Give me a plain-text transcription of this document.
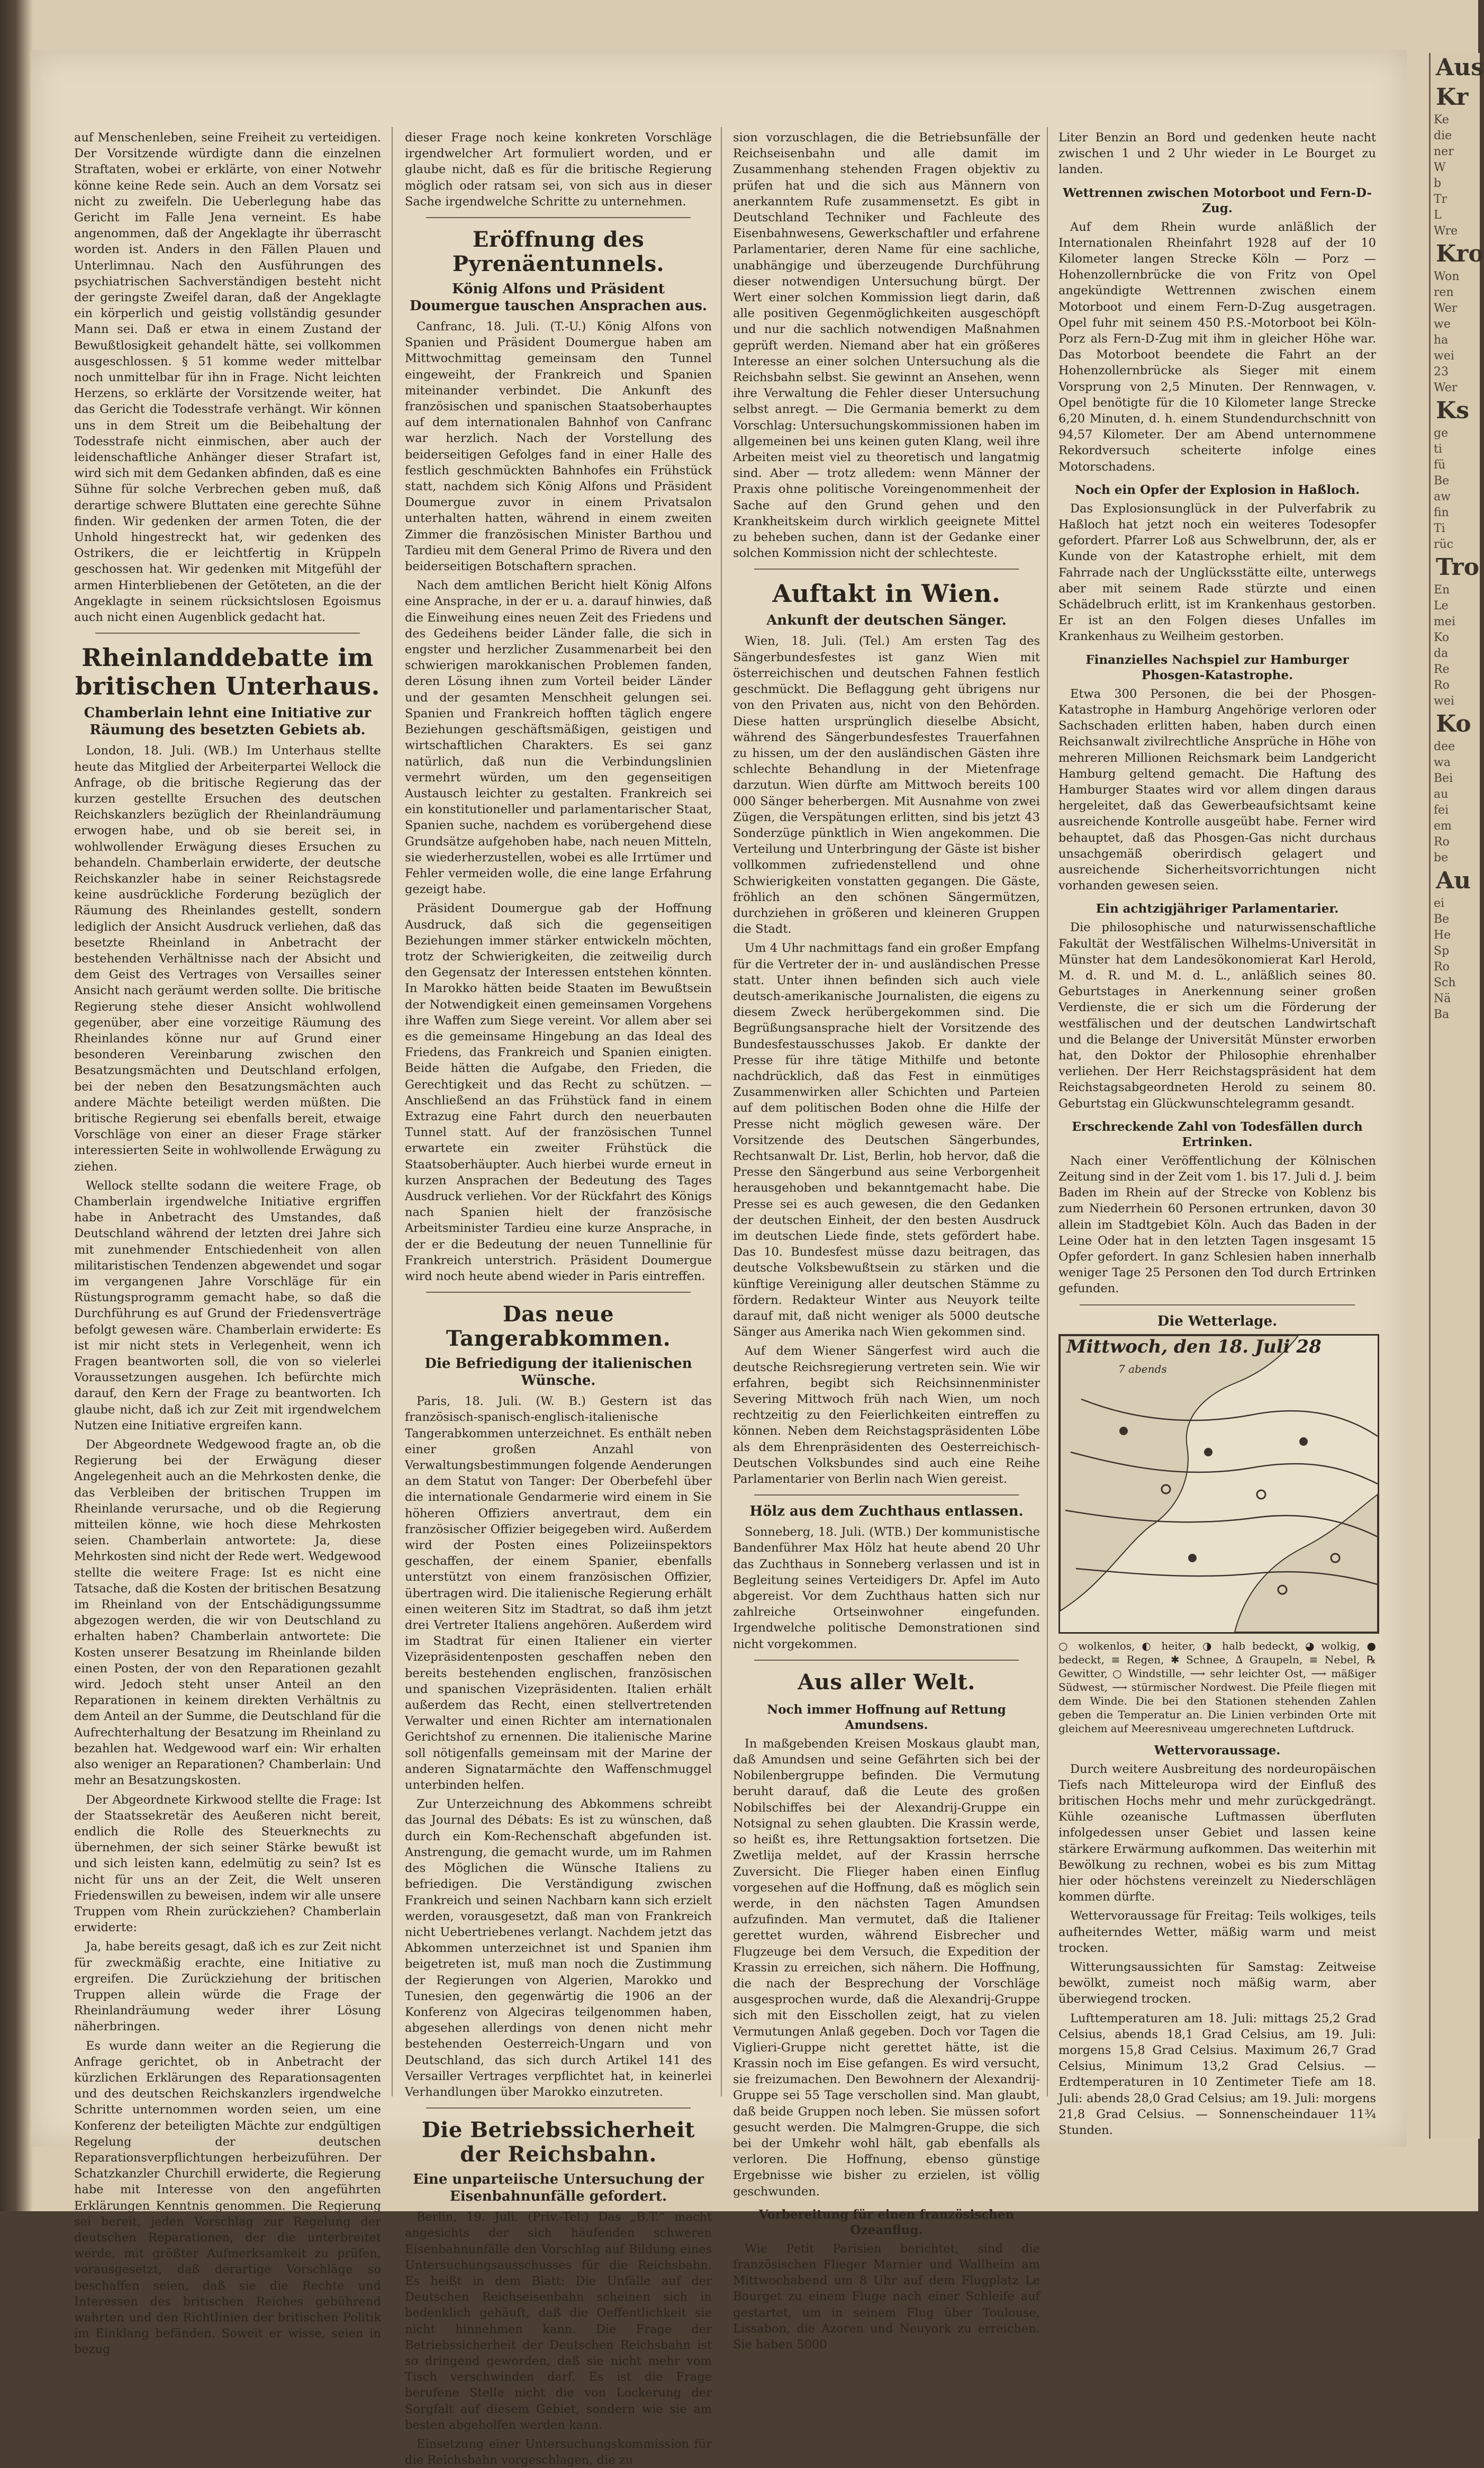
auf Menschenleben, seine Freiheit zu verteidigen. Der Vorsitzende würdigte dann die einzelnen Straftaten, wobei er erklärte, von einer Notwehr könne keine Rede sein. Auch an dem Vorsatz sei nicht zu zweifeln. Die Ueberlegung habe das Gericht im Falle Jena verneint. Es habe angenommen, daß der Angeklagte ihr überrascht worden ist. Anders in den Fällen Plauen und Unterlimnau. Nach den Ausführungen des psychiatrischen Sachverständigen besteht nicht der geringste Zweifel daran, daß der Angeklagte ein körperlich und geistig vollständig gesunder Mann sei. Daß er etwa in einem Zustand der Bewußtlosigkeit gehandelt hätte, sei vollkommen ausgeschlossen. § 51 komme weder mittelbar noch unmittelbar für ihn in Frage. Nicht leichten Herzens, so erklärte der Vorsitzende weiter, hat das Gericht die Todesstrafe verhängt. Wir können uns in dem Streit um die Beibehaltung der Todesstrafe nicht einmischen, aber auch der leidenschaftliche Anhänger dieser Strafart ist, wird sich mit dem Gedanken abfinden, daß es eine Sühne für solche Verbrechen geben muß, daß derartige schwere Bluttaten eine gerechte Sühne finden. Wir gedenken der armen Toten, die der Unhold hingestreckt hat, wir gedenken des Ostrikers, die er leichtfertig in Krüppeln geschossen hat. Wir gedenken mit Mitgefühl der armen Hinterbliebenen der Getöteten, an die der Angeklagte in seinem rücksichtslosen Egoismus auch nicht einen Augenblick gedacht hat.

Rheinlanddebatte im britischen Unterhaus.
Chamberlain lehnt eine Initiative zur Räumung des besetzten Gebiets ab.

London, 18. Juli. (WB.) Im Unterhaus stellte heute das Mitglied der Arbeiterpartei Wellock die Anfrage, ob die britische Regierung das der kurzen gestellte Ersuchen des deutschen Reichskanzlers bezüglich der Rheinlandräumung erwogen habe, und ob sie bereit sei, in wohlwollender Erwägung dieses Ersuchen zu behandeln. Chamberlain erwiderte, der deutsche Reichskanzler habe in seiner Reichstagsrede keine ausdrückliche Forderung bezüglich der Räumung des Rheinlandes gestellt, sondern lediglich der Ansicht Ausdruck verliehen, daß das besetzte Rheinland in Anbetracht der bestehenden Verhältnisse nach der Absicht und dem Geist des Vertrages von Versailles seiner Ansicht nach geräumt werden sollte. Die britische Regierung stehe dieser Ansicht wohlwollend gegenüber, aber eine vorzeitige Räumung des Rheinlandes könne nur auf Grund einer besonderen Vereinbarung zwischen den Besatzungsmächten und Deutschland erfolgen, bei der neben den Besatzungsmächten auch andere Mächte beteiligt werden müßten. Die britische Regierung sei ebenfalls bereit, etwaige Vorschläge von einer an dieser Frage stärker interessierten Seite in wohlwollende Erwägung zu ziehen.

Wellock stellte sodann die weitere Frage, ob Chamberlain irgendwelche Initiative ergriffen habe in Anbetracht des Umstandes, daß Deutschland während der letzten drei Jahre sich mit zunehmender Entschiedenheit von allen militaristischen Tendenzen abgewendet und sogar im vergangenen Jahre Vorschläge für ein Rüstungsprogramm gemacht habe, so daß die Durchführung es auf Grund der Friedensverträge befolgt gewesen wäre. Chamberlain erwiderte: Es ist mir nicht stets in Verlegenheit, wenn ich Fragen beantworten soll, die von so vielerlei Voraussetzungen ausgehen. Ich befürchte mich darauf, den Kern der Frage zu beantworten. Ich glaube nicht, daß ich zur Zeit mit irgendwelchem Nutzen eine Initiative ergreifen kann.

Der Abgeordnete Wedgewood fragte an, ob die Regierung bei der Erwägung dieser Angelegenheit auch an die Mehrkosten denke, die das Verbleiben der britischen Truppen im Rheinlande verursache, und ob die Regierung mitteilen könne, wie hoch diese Mehrkosten seien. Chamberlain antwortete: Ja, diese Mehrkosten sind nicht der Rede wert. Wedgewood stellte die weitere Frage: Ist es nicht eine Tatsache, daß die Kosten der britischen Besatzung im Rheinland von der Entschädigungssumme abgezogen werden, die wir von Deutschland zu erhalten haben? Chamberlain antwortete: Die Kosten unserer Besatzung im Rheinlande bilden einen Posten, der von den Reparationen gezahlt wird. Jedoch steht unser Anteil an den Reparationen in keinem direkten Verhältnis zu dem Anteil an der Summe, die Deutschland für die Aufrechterhaltung der Besatzung im Rheinland zu bezahlen hat. Wedgewood warf ein: Wir erhalten also weniger an Reparationen? Chamberlain: Und mehr an Besatzungskosten.

Der Abgeordnete Kirkwood stellte die Frage: Ist der Staatssekretär des Aeußeren nicht bereit, endlich die Rolle des Steuerknechts zu übernehmen, der sich seiner Stärke bewußt ist und sich leisten kann, edelmütig zu sein? Ist es nicht für uns an der Zeit, die Welt unseren Friedenswillen zu beweisen, indem wir alle unsere Truppen vom Rhein zurückziehen? Chamberlain erwiderte:

Ja, habe bereits gesagt, daß ich es zur Zeit nicht für zweckmäßig erachte, eine Initiative zu ergreifen. Die Zurückziehung der britischen Truppen allein würde die Frage der Rheinlandräumung weder ihrer Lösung näherbringen.

Es wurde dann weiter an die Regierung die Anfrage gerichtet, ob in Anbetracht der kürzlichen Erklärungen des Reparationsagenten und des deutschen Reichskanzlers irgendwelche Schritte unternommen worden seien, um eine Konferenz der beteiligten Mächte zur endgültigen Regelung der deutschen Reparationsverpflichtungen herbeizuführen. Der Schatzkanzler Churchill erwiderte, die Regierung habe mit Interesse von den angeführten Erklärungen Kenntnis genommen. Die Regierung sei bereit, jeden Vorschlag zur Regelung der deutschen Reparationen, der die unterbreitet werde, mit größter Aufmerksamkeit zu prüfen, vorausgesetzt, daß derartige Vorschläge so beschaffen seien, daß sie die Rechte und Interessen des britischen Reiches gebührend wahrten und den Richtlinien der britischen Politik im Einklang befänden. Soweit er wisse, seien in bezug

dieser Frage noch keine konkreten Vorschläge irgendwelcher Art formuliert worden, und er glaube nicht, daß es für die britische Regierung möglich oder ratsam sei, von sich aus in dieser Sache irgendwelche Schritte zu unternehmen.

Eröffnung des Pyrenäentunnels.
König Alfons und Präsident Doumergue tauschen Ansprachen aus.

Canfranc, 18. Juli. (T.-U.) König Alfons von Spanien und Präsident Doumergue haben am Mittwochmittag gemeinsam den Tunnel eingeweiht, der Frankreich und Spanien miteinander verbindet. Die Ankunft des französischen und spanischen Staatsoberhauptes auf dem internationalen Bahnhof von Canfranc war herzlich. Nach der Vorstellung des beiderseitigen Gefolges fand in einer Halle des festlich geschmückten Bahnhofes ein Frühstück statt, nachdem sich König Alfons und Präsident Doumergue zuvor in einem Privatsalon unterhalten hatten, während in einem zweiten Zimmer die französischen Minister Barthou und Tardieu mit dem General Primo de Rivera und den beiderseitigen Botschaftern sprachen.

Nach dem amtlichen Bericht hielt König Alfons eine Ansprache, in der er u. a. darauf hinwies, daß die Einweihung eines neuen Zeit des Friedens und des Gedeihens beider Länder falle, die sich in engster und herzlicher Zusammenarbeit bei den schwierigen marokkanischen Problemen fanden, deren Lösung ihnen zum Vorteil beider Länder und der gesamten Menschheit gelungen sei. Spanien und Frankreich hofften täglich engere Beziehungen geschäftsmäßigen, geistigen und wirtschaftlichen Charakters. Es sei ganz natürlich, daß nun die Verbindungslinien vermehrt würden, um den gegenseitigen Austausch leichter zu gestalten. Frankreich sei ein konstitutioneller und parlamentarischer Staat, Spanien suche, nachdem es vorübergehend diese Grundsätze aufgehoben habe, nach neuen Mitteln, sie wiederherzustellen, wobei es alle Irrtümer und Fehler vermeiden wolle, die eine lange Erfahrung gezeigt habe.

Präsident Doumergue gab der Hoffnung Ausdruck, daß sich die gegenseitigen Beziehungen immer stärker entwickeln möchten, trotz der Schwierigkeiten, die zeitweilig durch den Gegensatz der Interessen entstehen könnten. In Marokko hätten beide Staaten im Bewußtsein der Notwendigkeit einen gemeinsamen Vorgehens ihre Waffen zum Siege vereint. Vor allem aber sei es die gemeinsame Hingebung an das Ideal des Friedens, das Frankreich und Spanien einigten. Beide hätten die Aufgabe, den Frieden, die Gerechtigkeit und das Recht zu schützen. — Anschließend an das Frühstück fand in einem Extrazug eine Fahrt durch den neuerbauten Tunnel statt. Auf der französischen Tunnel erwartete ein zweiter Frühstück die Staatsoberhäupter. Auch hierbei wurde erneut in kurzen Ansprachen der Bedeutung des Tages Ausdruck verliehen. Vor der Rückfahrt des Königs nach Spanien hielt der französische Arbeitsminister Tardieu eine kurze Ansprache, in der er die Bedeutung der neuen Tunnellinie für Frankreich unterstrich. Präsident Doumergue wird noch heute abend wieder in Paris eintreffen.

Das neue Tangerabkommen.
Die Befriedigung der italienischen Wünsche.

Paris, 18. Juli. (W. B.) Gestern ist das französisch-spanisch-englisch-italienische Tangerabkommen unterzeichnet. Es enthält neben einer großen Anzahl von Verwaltungsbestimmungen folgende Aenderungen an dem Statut von Tanger: Der Oberbefehl über die internationale Gendarmerie wird einem in Sie höheren Offiziers anvertraut, dem ein französischer Offizier beigegeben wird. Außerdem wird der Posten eines Polizeiinspektors geschaffen, der einem Spanier, ebenfalls unterstützt von einem französischen Offizier, übertragen wird. Die italienische Regierung erhält einen weiteren Sitz im Stadtrat, so daß ihm jetzt drei Vertreter Italiens angehören. Außerdem wird im Stadtrat für einen Italiener ein vierter Vizepräsidentenposten geschaffen neben den bereits bestehenden englischen, französischen und spanischen Vizepräsidenten. Italien erhält außerdem das Recht, einen stellvertretenden Verwalter und einen Richter am internationalen Gerichtshof zu ernennen. Die italienische Marine soll nötigenfalls gemeinsam mit der Marine der anderen Signatarmächte den Waffenschmuggel unterbinden helfen.

Zur Unterzeichnung des Abkommens schreibt das Journal des Débats: Es ist zu wünschen, daß durch ein Kom-Rechenschaft abgefunden ist. Anstrengung, die gemacht wurde, um im Rahmen des Möglichen die Wünsche Italiens zu befriedigen. Die Verständigung zwischen Frankreich und seinen Nachbarn kann sich erzielt werden, vorausgesetzt, daß man von Frankreich nicht Uebertriebenes verlangt. Nachdem jetzt das Abkommen unterzeichnet ist und Spanien ihm beigetreten ist, muß man noch die Zustimmung der Regierungen von Algerien, Marokko und Tunesien, den gegenwärtig die 1906 an der Konferenz von Algeciras teilgenommen haben, abgesehen allerdings von denen nicht mehr bestehenden Oesterreich-Ungarn und von Deutschland, das sich durch Artikel 141 des Versailler Vertrages verpflichtet hat, in keinerlei Verhandlungen über Marokko einzutreten.

Die Betriebssicherheit der Reichsbahn.
Eine unparteiische Untersuchung der Eisenbahnunfälle gefordert.

Berlin, 19. Juli. (Priv.-Tel.) Das „B.T.“ macht angesichts der sich häufenden schweren Eisenbahnunfälle den Vorschlag auf Bildung eines Untersuchungsausschusses für die Reichsbahn. Es heißt in dem Blatt: Die Unfälle auf der Deutschen Reichseisenbahn scheinen sich in bedenklich gehäuft, daß die Oeffentlichkeit sie nicht hinnehmen kann. Die Frage der Betriebssicherheit der Deutschen Reichsbahn ist so dringend geworden, daß sie nicht mehr vom Tisch verschwinden darf. Es ist die Frage berufene Stelle nicht die von Lockerung der Sorgfalt auf diesem Gebiet, sondern wie sie am besten abgeholfen werden kann.

Einsetzung einer Untersuchungskommission für die Reichsbahn vorgeschlagen, die zu

sion vorzuschlagen, die die Betriebsunfälle der Reichseisenbahn und alle damit im Zusammenhang stehenden Fragen objektiv zu prüfen hat und die sich aus Männern von anerkanntem Rufe zusammensetzt. Es gibt in Deutschland Techniker und Fachleute des Eisenbahnwesens, Gewerkschaftler und erfahrene Parlamentarier, deren Name für eine sachliche, unabhängige und überzeugende Durchführung dieser notwendigen Untersuchung bürgt. Der Wert einer solchen Kommission liegt darin, daß alle positiven Gegenmöglichkeiten ausgeschöpft und nur die sachlich notwendigen Maßnahmen geprüft werden. Niemand aber hat ein größeres Interesse an einer solchen Untersuchung als die Reichsbahn selbst. Sie gewinnt an Ansehen, wenn ihre Verwaltung die Fehler dieser Untersuchung selbst anregt. — Die Germania bemerkt zu dem Vorschlag: Untersuchungskommissionen haben im allgemeinen bei uns keinen guten Klang, weil ihre Arbeiten meist viel zu theoretisch und langatmig sind. Aber — trotz alledem: wenn Männer der Praxis ohne politische Voreingenommenheit der Sache auf den Grund gehen und den Krankheitskeim durch wirklich geeignete Mittel zu beheben suchen, dann ist der Gedanke einer solchen Kommission nicht der schlechteste.

Auftakt in Wien.
Ankunft der deutschen Sänger.

Wien, 18. Juli. (Tel.) Am ersten Tag des Sängerbundesfestes ist ganz Wien mit österreichischen und deutschen Fahnen festlich geschmückt. Die Beflaggung geht übrigens nur von den Privaten aus, nicht von den Behörden. Diese hatten ursprünglich dieselbe Absicht, während des Sängerbundesfestes Trauerfahnen zu hissen, um der den ausländischen Gästen ihre schlechte Behandlung in der Mietenfrage darzutun. Wien dürfte am Mittwoch bereits 100 000 Sänger beherbergen. Mit Ausnahme von zwei Zügen, die Verspätungen erlitten, sind bis jetzt 43 Sonderzüge pünktlich in Wien angekommen. Die Verteilung und Unterbringung der Gäste ist bisher vollkommen zufriedenstellend und ohne Schwierigkeiten vonstatten gegangen. Die Gäste, fröhlich an den schönen Sängermützen, durchziehen in größeren und kleineren Gruppen die Stadt.

Um 4 Uhr nachmittags fand ein großer Empfang für die Vertreter der in- und ausländischen Presse statt. Unter ihnen befinden sich auch viele deutsch-amerikanische Journalisten, die eigens zu diesem Zweck herübergekommen sind. Die Begrüßungsansprache hielt der Vorsitzende des Bundesfestausschusses Jakob. Er dankte der Presse für ihre tätige Mithilfe und betonte nachdrücklich, daß das Fest in einmütiges Zusammenwirken aller Schichten und Parteien auf dem politischen Boden ohne die Hilfe der Presse nicht möglich gewesen wäre. Der Vorsitzende des Deutschen Sängerbundes, Rechtsanwalt Dr. List, Berlin, hob hervor, daß die Presse den Sängerbund aus seine Verborgenheit herausgehoben und bekanntgemacht habe. Die Presse sei es auch gewesen, die den Gedanken der deutschen Einheit, der den besten Ausdruck im deutschen Liede finde, stets gefördert habe. Das 10. Bundesfest müsse dazu beitragen, das deutsche Volksbewußtsein zu stärken und die künftige Vereinigung aller deutschen Stämme zu fördern. Redakteur Winter aus Neuyork teilte darauf mit, daß nicht weniger als 5000 deutsche Sänger aus Amerika nach Wien gekommen sind.

Auf dem Wiener Sängerfest wird auch die deutsche Reichsregierung vertreten sein. Wie wir erfahren, begibt sich Reichsinnenminister Severing Mittwoch früh nach Wien, um noch rechtzeitig zu den Feierlichkeiten eintreffen zu können. Neben dem Reichstagspräsidenten Löbe als dem Ehrenpräsidenten des Oesterreichisch-Deutschen Volksbundes sind auch eine Reihe Parlamentarier von Berlin nach Wien gereist.

Hölz aus dem Zuchthaus entlassen.

Sonneberg, 18. Juli. (WTB.) Der kommunistische Bandenführer Max Hölz hat heute abend 20 Uhr das Zuchthaus in Sonneberg verlassen und ist in Begleitung seines Verteidigers Dr. Apfel im Auto abgereist. Vor dem Zuchthaus hatten sich nur zahlreiche Ortseinwohner eingefunden. Irgendwelche politische Demonstrationen sind nicht vorgekommen.

Aus aller Welt.
Noch immer Hoffnung auf Rettung Amundsens.

In maßgebenden Kreisen Moskaus glaubt man, daß Amundsen und seine Gefährten sich bei der Nobilenbergruppe befinden. Die Vermutung beruht darauf, daß die Leute des großen Nobilschiffes bei der Alexandrij-Gruppe ein Notsignal zu sehen glaubten. Die Krassin werde, so heißt es, ihre Rettungsaktion fortsetzen. Die Zwetlija meldet, auf der Krassin herrsche Zuversicht. Die Flieger haben einen Einflug vorgesehen auf die Hoffnung, daß es möglich sein werde, in den nächsten Tagen Amundsen aufzufinden. Man vermutet, daß die Italiener gerettet wurden, während Eisbrecher und Flugzeuge bei dem Versuch, die Expedition der Krassin zu erreichen, sich nähern. Die Hoffnung, die nach der Besprechung der Vorschläge ausgesprochen wurde, daß die Alexandrij-Gruppe sich mit den Eisschollen zeigt, hat zu vielen Vermutungen Anlaß gegeben. Doch vor Tagen die Viglieri-Gruppe nicht gerettet hätte, ist die Krassin noch im Eise gefangen. Es wird versucht, sie freizumachen. Den Bewohnern der Alexandrij-Gruppe sei 55 Tage verschollen sind. Man glaubt, daß beide Gruppen noch leben. Sie müssen sofort gesucht werden. Die Malmgren-Gruppe, die sich bei der Umkehr wohl hält, gab ebenfalls als verloren. Die Hoffnung, ebenso günstige Ergebnisse wie bisher zu erzielen, ist völlig geschwunden.

Vorbereitung für einen französischen Ozeanflug.

Wie Petit Parisien berichtet, sind die französischen Flieger Marnier und Wallheim am Mittwochabend um 8 Uhr auf dem Flugplatz Le Bourget zu einem Fluge nach einer Schleife auf gestartet, um in seinem Flug über Toulouse, Lissabon, die Azoren und Neuyork zu erreichen. Sie haben 5000

Liter Benzin an Bord und gedenken heute nacht zwischen 1 und 2 Uhr wieder in Le Bourget zu landen.

Wettrennen zwischen Motorboot und Fern-D-Zug.

Auf dem Rhein wurde anläßlich der Internationalen Rheinfahrt 1928 auf der 10 Kilometer langen Strecke Köln — Porz — Hohenzollernbrücke die von Fritz von Opel angekündigte Wettrennen zwischen einem Motorboot und einem Fern-D-Zug ausgetragen. Opel fuhr mit seinem 450 P.S.-Motorboot bei Köln-Porz als Fern-D-Zug mit ihm in gleicher Höhe war. Das Motorboot beendete die Fahrt an der Hohenzollernbrücke als Sieger mit einem Vorsprung von 2,5 Minuten. Der Rennwagen, v. Opel benötigte für die 10 Kilometer lange Strecke 6,20 Minuten, d. h. einem Stundendurchschnitt von 94,57 Kilometer. Der am Abend unternommene Rekordversuch scheiterte infolge eines Motorschadens.

Noch ein Opfer der Explosion in Haßloch.

Das Explosionsunglück in der Pulverfabrik zu Haßloch hat jetzt noch ein weiteres Todesopfer gefordert. Pfarrer Loß aus Schwelbrunn, der, als er Kunde von der Katastrophe erhielt, mit dem Fahrrade nach der Unglücksstätte eilte, unterwegs aber mit seinem Rade stürzte und einen Schädelbruch erlitt, ist im Krankenhaus gestorben. Er ist an den Folgen dieses Unfalles im Krankenhaus zu Weilheim gestorben.

Finanzielles Nachspiel zur Hamburger Phosgen-Katastrophe.

Etwa 300 Personen, die bei der Phosgen-Katastrophe in Hamburg Angehörige verloren oder Sachschaden erlitten haben, haben durch einen Reichsanwalt zivilrechtliche Ansprüche in Höhe von mehreren Millionen Reichsmark beim Landgericht Hamburg geltend gemacht. Die Haftung des Hamburger Staates wird vor allem dingen daraus hergeleitet, daß das Gewerbeaufsichtsamt keine ausreichende Kontrolle ausgeübt habe. Ferner wird behauptet, daß das Phosgen-Gas nicht durchaus unsachgemäß oberirdisch gelagert und ausreichende Sicherheitsvorrichtungen nicht vorhanden gewesen seien.

Ein achtzigjähriger Parlamentarier.

Die philosophische und naturwissenschaftliche Fakultät der Westfälischen Wilhelms-Universität in Münster hat dem Landesökonomierat Karl Herold, M. d. R. und M. d. L., anläßlich seines 80. Geburtstages in Anerkennung seiner großen Verdienste, die er sich um die Förderung der westfälischen und der deutschen Landwirtschaft und die Belange der Universität Münster erworben hat, den Doktor der Philosophie ehrenhalber verliehen. Der Herr Reichstagspräsident hat dem Reichstagsabgeordneten Herold zu seinem 80. Geburtstag ein Glückwunschtelegramm gesandt.

Erschreckende Zahl von Todesfällen durch Ertrinken.

Nach einer Veröffentlichung der Kölnischen Zeitung sind in der Zeit vom 1. bis 17. Juli d. J. beim Baden im Rhein auf der Strecke von Koblenz bis zum Niederrhein 60 Personen ertrunken, davon 30 allein im Stadtgebiet Köln. Auch das Baden in der Leine Oder hat in den letzten Tagen insgesamt 15 Opfer gefordert. In ganz Schlesien haben innerhalb weniger Tage 25 Personen den Tod durch Ertrinken gefunden.

Die Wetterlage.
Mittwoch, den 18. Juli 28
7 abends
○ wolkenlos, ◐ heiter, ◑ halb bedeckt, ◕ wolkig, ● bedeckt, ≡ Regen, ✱ Schnee, ∆ Graupeln, ≡ Nebel, ℞ Gewitter, ○ Windstille, ⟶ sehr leichter Ost, ⟶ mäßiger Südwest, ⟶ stürmischer Nordwest. Die Pfeile fliegen mit dem Winde. Die bei den Stationen stehenden Zahlen geben die Temperatur an. Die Linien verbinden Orte mit gleichem auf Meeresniveau umgerechneten Luftdruck.
Wettervoraussage.

Durch weitere Ausbreitung des nordeuropäischen Tiefs nach Mitteleuropa wird der Einfluß des britischen Hochs mehr und mehr zurückgedrängt. Kühle ozeanische Luftmassen überfluten infolgedessen unser Gebiet und lassen keine stärkere Erwärmung aufkommen. Das weiterhin mit Bewölkung zu rechnen, wobei es bis zum Mittag hier oder höchstens vereinzelt zu Niederschlägen kommen dürfte.

Wettervoraussage für Freitag: Teils wolkiges, teils aufheiterndes Wetter, mäßig warm und meist trocken.

Witterungsaussichten für Samstag: Zeitweise bewölkt, zumeist noch mäßig warm, aber überwiegend trocken.

Lufttemperaturen am 18. Juli: mittags 25,2 Grad Celsius, abends 18,1 Grad Celsius, am 19. Juli: morgens 15,8 Grad Celsius. Maximum 26,7 Grad Celsius, Minimum 13,2 Grad Celsius. — Erdtemperaturen in 10 Zentimeter Tiefe am 18. Juli: abends 28,0 Grad Celsius; am 19. Juli: morgens 21,8 Grad Celsius. — Sonnenscheindauer 11¾ Stunden.

Aus
Kr
Ke
die
ner
W
b
Tr
L
Wre
Kro
Won
ren
Wer
we
ha
wei
23
Wer
Ks
ge
ti
fü
Be
aw
fin
Ti
rüc
Tro
En
Le
mei
Ko
da
Re
Ro
wei
Ko
dee
wa
Bei
au
fei
em
Ro
be
Au
ei
Be
He
Sp
Ro
Sch
Nä
Ba
